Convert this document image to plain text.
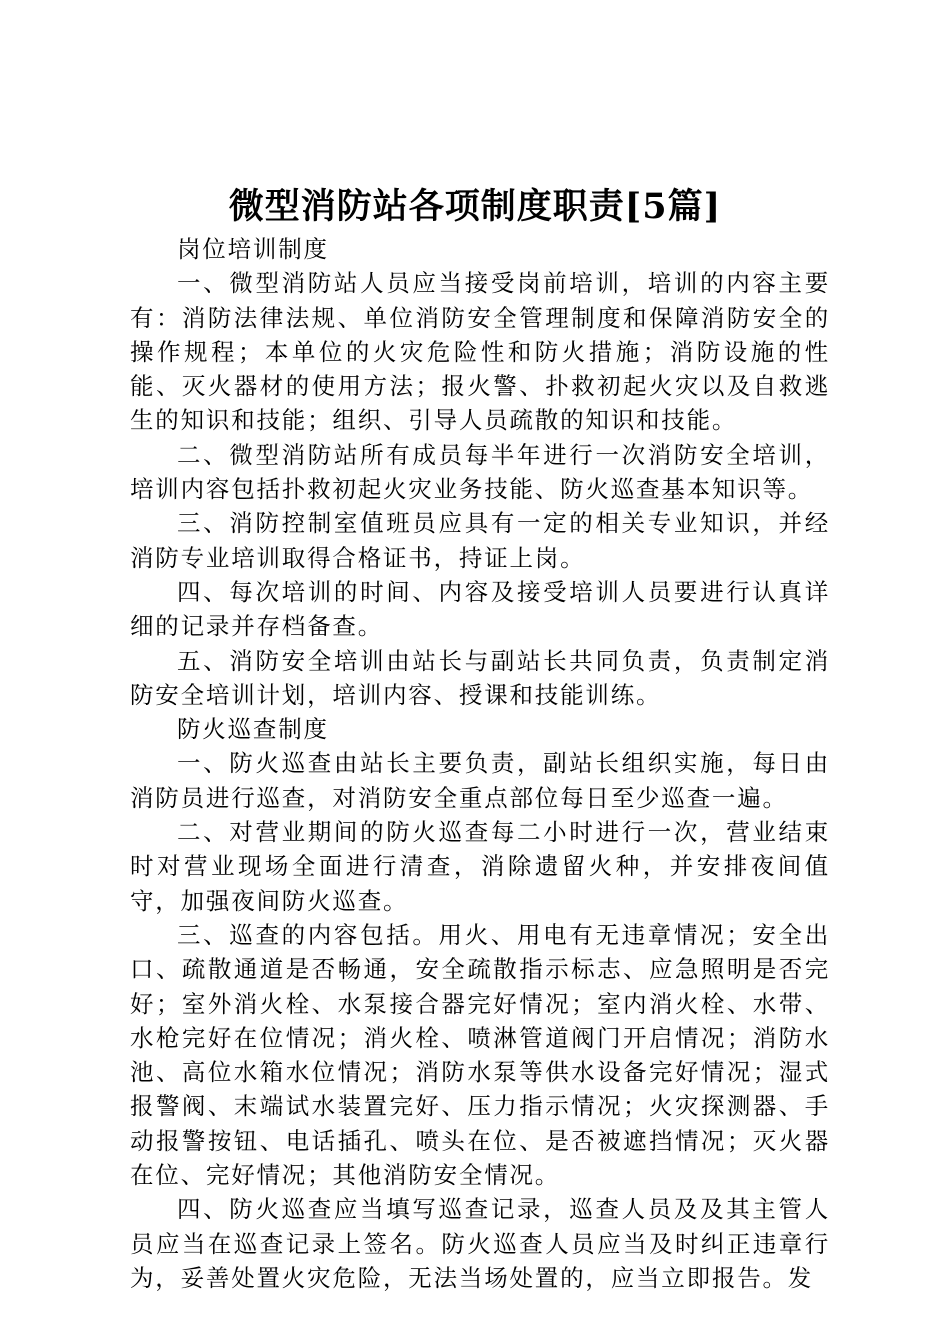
微型消防站各项制度职责[5篇]

岗位培训制度

一、微型消防站人员应当接受岗前培训，培训的内容主要有：消防法律法规、单位消防安全管理制度和保障消防安全的操作规程；本单位的火灾危险性和防火措施；消防设施的性能、灭火器材的使用方法；报火警、扑救初起火灾以及自救逃生的知识和技能；组织、引导人员疏散的知识和技能。

二、微型消防站所有成员每半年进行一次消防安全培训，培训内容包括扑救初起火灾业务技能、防火巡查基本知识等。

三、消防控制室值班员应具有一定的相关专业知识，并经消防专业培训取得合格证书，持证上岗。

四、每次培训的时间、内容及接受培训人员要进行认真详细的记录并存档备查。

五、消防安全培训由站长与副站长共同负责，负责制定消防安全培训计划，培训内容、授课和技能训练。

防火巡查制度

一、防火巡查由站长主要负责，副站长组织实施，每日由消防员进行巡查，对消防安全重点部位每日至少巡查一遍。

二、对营业期间的防火巡查每二小时进行一次，营业结束时对营业现场全面进行清查，消除遗留火种，并安排夜间值守，加强夜间防火巡查。

三、巡查的内容包括。用火、用电有无违章情况；安全出口、疏散通道是否畅通，安全疏散指示标志、应急照明是否完好；室外消火栓、水泵接合器完好情况；室内消火栓、水带、水枪完好在位情况；消火栓、喷淋管道阀门开启情况；消防水池、高位水箱水位情况；消防水泵等供水设备完好情况；湿式报警阀、末端试水装置完好、压力指示情况；火灾探测器、手动报警按钮、电话插孔、喷头在位、是否被遮挡情况；灭火器在位、完好情况；其他消防安全情况。

四、防火巡查应当填写巡查记录，巡查人员及及其主管人员应当在巡查记录上签名。防火巡查人员应当及时纠正违章行为，妥善处置火灾危险，无法当场处置的，应当立即报告。发
